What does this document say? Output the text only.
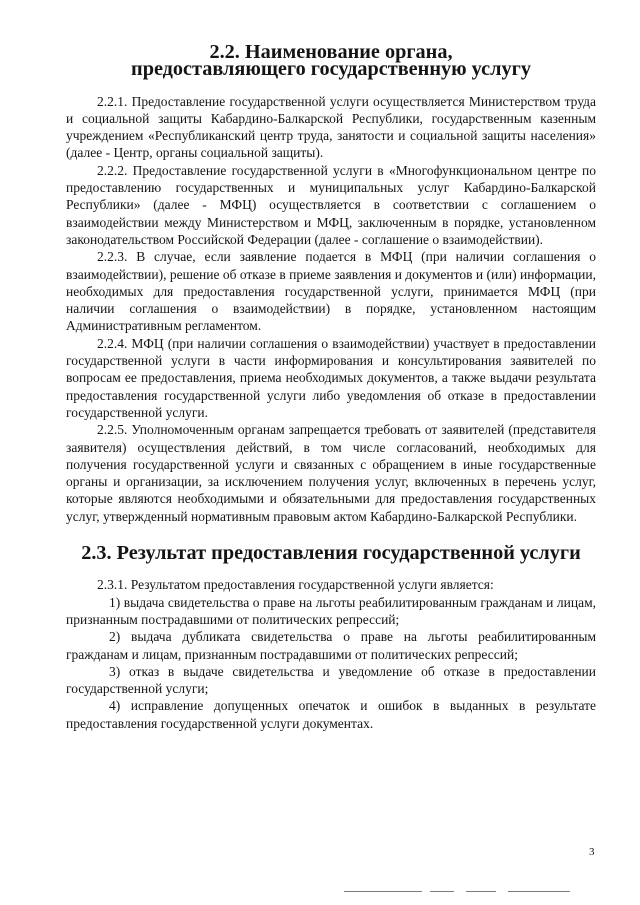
2.2. Наименование органа,
предоставляющего государственную услугу

2.2.1. Предоставление государственной услуги осуществляется Министерством труда и социальной защиты Кабардино-Балкарской Республики, государственным казенным учреждением «Республиканский центр труда, занятости и социальной защиты населения» (далее - Центр, органы социальной защиты).

2.2.2. Предоставление государственной услуги в «Многофункциональном центре по предоставлению государственных и муниципальных услуг Кабардино-Балкарской Республики» (далее - МФЦ) осуществляется в соответствии с соглашением о взаимодействии между Министерством и МФЦ, заключенным в порядке, установленном законодательством Российской Федерации (далее - соглашение о взаимодействии).

2.2.3. В случае, если заявление подается в МФЦ (при наличии соглашения о взаимодействии), решение об отказе в приеме заявления и документов и (или) информации, необходимых для предоставления государственной услуги, принимается МФЦ (при наличии соглашения о взаимодействии) в порядке, установленном настоящим Административным регламентом.

2.2.4. МФЦ (при наличии соглашения о взаимодействии) участвует в предоставлении государственной услуги в части информирования и консультирования заявителей по вопросам ее предоставления, приема необходимых документов, а также выдачи результата предоставления государственной услуги либо уведомления об отказе в предоставлении государственной услуги.

2.2.5. Уполномоченным органам запрещается требовать от заявителей (представителя заявителя) осуществления действий, в том числе согласований, необходимых для получения государственной услуги и связанных с обращением в иные государственные органы и организации, за исключением получения услуг, включенных в перечень услуг, которые являются необходимыми и обязательными для предоставления государственных услуг, утвержденный нормативным правовым актом Кабардино-Балкарской Республики.

2.3. Результат предоставления государственной услуги

2.3.1. Результатом предоставления государственной услуги является:

1) выдача свидетельства о праве на льготы реабилитированным гражданам и лицам, признанным пострадавшими от политических репрессий;

2) выдача дубликата свидетельства о праве на льготы реабилитированным гражданам и лицам, признанным пострадавшими от политических репрессий;

3) отказ в выдаче свидетельства и уведомление об отказе в предоставлении государственной услуги;

4) исправление допущенных опечаток и ошибок в выданных в результате предоставления государственной услуги документах.

3
